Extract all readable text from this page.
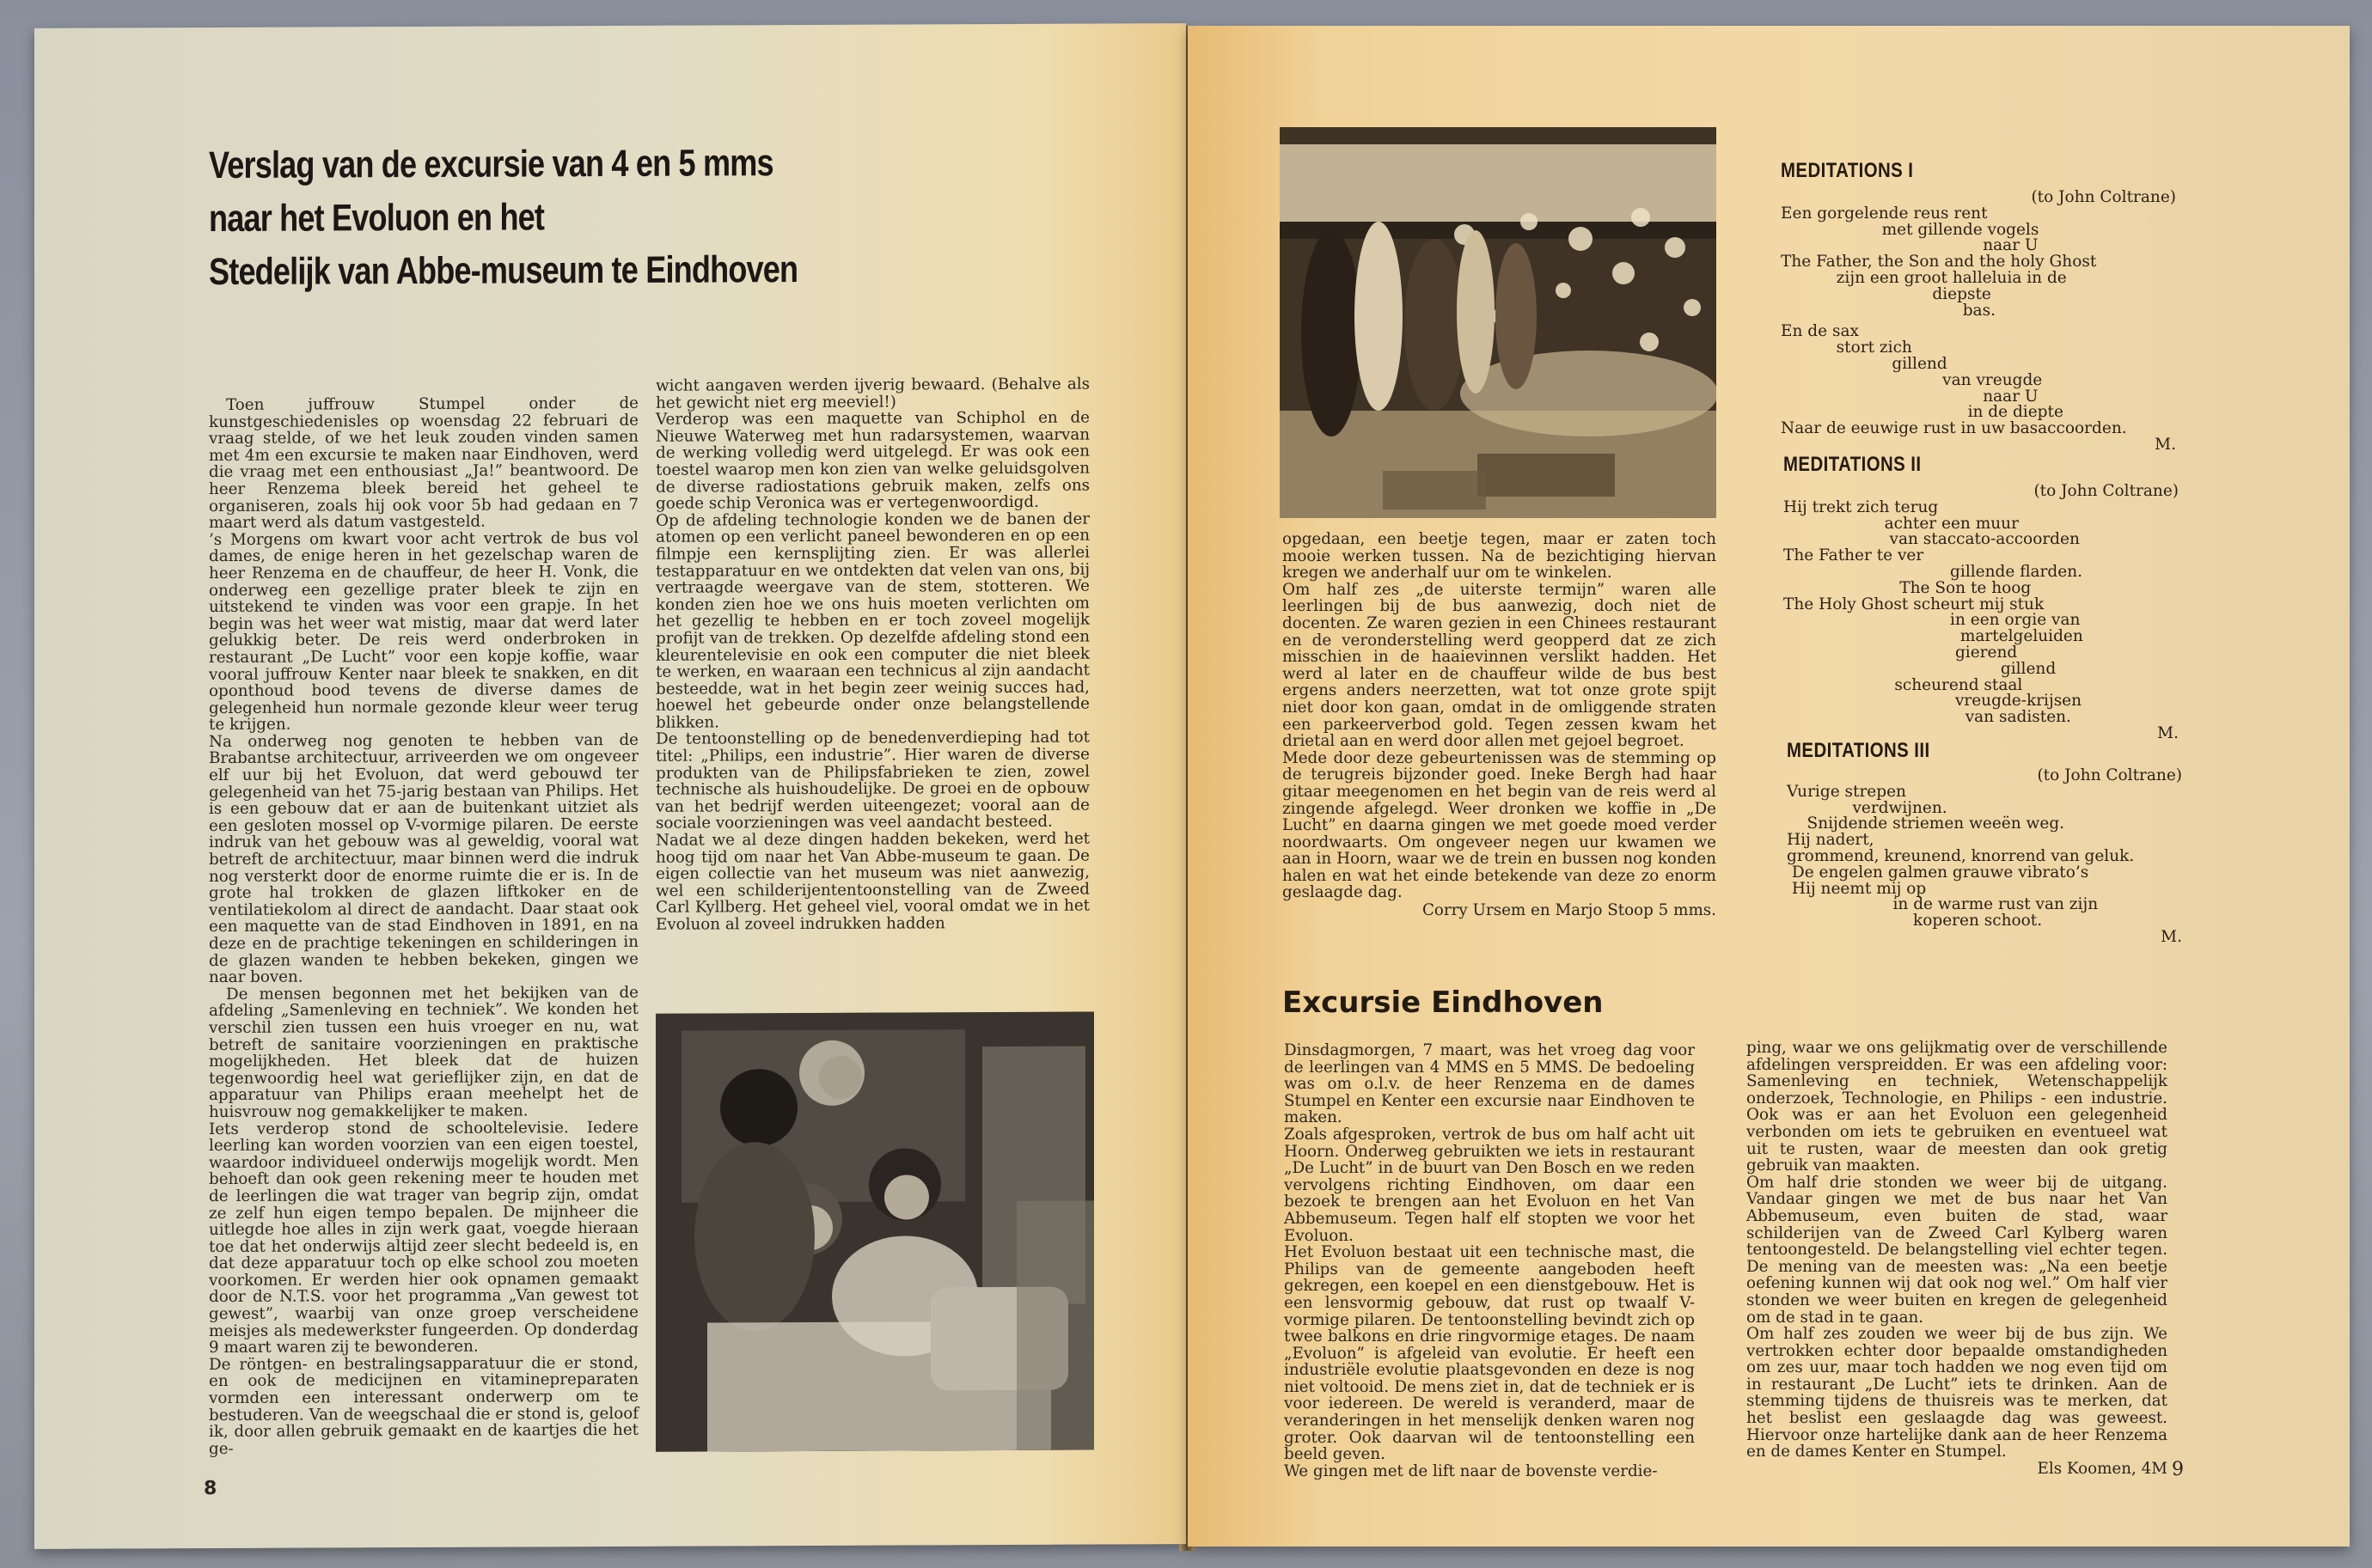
Verslag van de excursie van 4 en 5 mms
naar het Evoluon en het
Stedelijk van Abbe-museum te Eindhoven

Toen juffrouw Stumpel onder de kunstgeschiedenisles op woensdag 22 februari de vraag stelde, of we het leuk zouden vinden samen met 4m een excursie te maken naar Eindhoven, werd die vraag met een enthousiast „Ja!” beantwoord. De heer Renzema bleek bereid het geheel te organiseren, zoals hij ook voor 5b had gedaan en 7 maart werd als datum vastgesteld.

’s Morgens om kwart voor acht vertrok de bus vol dames, de enige heren in het gezelschap waren de heer Renzema en de chauffeur, de heer H. Vonk, die onderweg een gezellige prater bleek te zijn en uitstekend te vinden was voor een grapje. In het begin was het weer wat mistig, maar dat werd later gelukkig beter. De reis werd onderbroken in restaurant „De Lucht” voor een kopje koffie, waar vooral juffrouw Kenter naar bleek te snakken, en dit oponthoud bood tevens de diverse dames de gelegenheid hun normale gezonde kleur weer terug te krijgen.

Na onderweg nog genoten te hebben van de Brabantse architectuur, arriveerden we om ongeveer elf uur bij het Evoluon, dat werd gebouwd ter gelegenheid van het 75-jarig bestaan van Philips. Het is een gebouw dat er aan de buitenkant uitziet als een gesloten mossel op V-vormige pilaren. De eerste indruk van het gebouw was al geweldig, vooral wat betreft de architectuur, maar binnen werd die indruk nog versterkt door de enorme ruimte die er is. In de grote hal trokken de glazen liftkoker en de ventilatiekolom al direct de aandacht. Daar staat ook een maquette van de stad Eindhoven in 1891, en na deze en de prachtige tekeningen en schilderingen in de glazen wanden te hebben bekeken, gingen we naar boven.

De mensen begonnen met het bekijken van de afdeling „Samenleving en techniek”. We konden het verschil zien tussen een huis vroeger en nu, wat betreft de sanitaire voorzieningen en praktische mogelijkheden. Het bleek dat de huizen tegenwoordig heel wat gerieflijker zijn, en dat de apparatuur van Philips eraan meehelpt het de huisvrouw nog gemakkelijker te maken.

Iets verderop stond de schooltelevisie. Iedere leerling kan worden voorzien van een eigen toestel, waardoor individueel onderwijs mogelijk wordt. Men behoeft dan ook geen rekening meer te houden met de leerlingen die wat trager van begrip zijn, omdat ze zelf hun eigen tempo bepalen. De mijnheer die uitlegde hoe alles in zijn werk gaat, voegde hieraan toe dat het onderwijs altijd zeer slecht bedeeld is, en dat deze apparatuur toch op elke school zou moeten voorkomen. Er werden hier ook opnamen gemaakt door de N.T.S. voor het programma „Van gewest tot gewest”, waarbij van onze groep verscheidene meisjes als medewerkster fungeerden. Op donderdag 9 maart waren zij te bewonderen.

De röntgen- en bestralingsapparatuur die er stond, en ook de medicijnen en vitaminepreparaten vormden een interessant onderwerp om te bestuderen. Van de weegschaal die er stond is, geloof ik, door allen gebruik gemaakt en de kaartjes die het ge-

wicht aangaven werden ijverig bewaard. (Behalve als het gewicht niet erg meeviel!)

Verderop was een maquette van Schiphol en de Nieuwe Waterweg met hun radarsystemen, waarvan de werking volledig werd uitgelegd. Er was ook een toestel waarop men kon zien van welke geluidsgolven de diverse radiostations gebruik maken, zelfs ons goede schip Veronica was er vertegenwoordigd.

Op de afdeling technologie konden we de banen der atomen op een verlicht paneel bewonderen en op een filmpje een kernsplijting zien. Er was allerlei testapparatuur en we ontdekten dat velen van ons, bij vertraagde weergave van de stem, stotteren. We konden zien hoe we ons huis moeten verlichten om het gezellig te hebben en er toch zoveel mogelijk profijt van de trekken. Op dezelfde afdeling stond een kleurentelevisie en ook een computer die niet bleek te werken, en waaraan een technicus al zijn aandacht besteedde, wat in het begin zeer weinig succes had, hoewel het gebeurde onder onze belangstellende blikken.

De tentoonstelling op de benedenverdieping had tot titel: „Philips, een industrie”. Hier waren de diverse produkten van de Philipsfabrieken te zien, zowel technische als huishoudelijke. De groei en de opbouw van het bedrijf werden uiteengezet; vooral aan de sociale voorzieningen was veel aandacht besteed.

Nadat we al deze dingen hadden bekeken, werd het hoog tijd om naar het Van Abbe-museum te gaan. De eigen collectie van het museum was niet aanwezig, wel een schilderijententoonstelling van de Zweed Carl Kyllberg. Het geheel viel, vooral omdat we in het Evoluon al zoveel indrukken hadden

8

opgedaan, een beetje tegen, maar er zaten toch mooie werken tussen. Na de bezichtiging hiervan kregen we anderhalf uur om te winkelen.

Om half zes „de uiterste termijn” waren alle leerlingen bij de bus aanwezig, doch niet de docenten. Ze waren gezien in een Chinees restaurant en de veronderstelling werd geopperd dat ze zich misschien in de haaievinnen verslikt hadden. Het werd al later en de chauffeur wilde de bus best ergens anders neerzetten, wat tot onze grote spijt niet door kon gaan, omdat in de omliggende straten een parkeerverbod gold. Tegen zessen kwam het drietal aan en werd door allen met gejoel begroet.

Mede door deze gebeurtenissen was de stemming op de terugreis bijzonder goed. Ineke Bergh had haar gitaar meegenomen en het begin van de reis werd al zingende afgelegd. Weer dronken we koffie in „De Lucht” en daarna gingen we met goede moed verder noordwaarts. Om ongeveer negen uur kwamen we aan in Hoorn, waar we de trein en bussen nog konden halen en wat het einde betekende van deze zo enorm geslaagde dag.

Corry Ursem en Marjo Stoop 5 mms.

MEDITATIONS I
(to John Coltrane)
Een gorgelende reus rent
met gillende vogels
naar U
The Father, the Son and the holy Ghost
zijn een groot halleluia in de
diepste
bas.
En de sax
stort zich
gillend
van vreugde
naar U
in de diepte
Naar de eeuwige rust in uw basaccoorden.
M.
MEDITATIONS II
(to John Coltrane)
Hij trekt zich terug
achter een muur
van staccato-accoorden
The Father te ver
gillende flarden.
The Son te hoog
The Holy Ghost scheurt mij stuk
in een orgie van
martelgeluiden
gierend
gillend
scheurend staal
vreugde-krijsen
van sadisten.
M.
MEDITATIONS III
(to John Coltrane)
Vurige strepen
verdwijnen.
Snijdende striemen weeën weg.
Hij nadert,
grommend, kreunend, knorrend van geluk.
De engelen galmen grauwe vibrato’s
Hij neemt mij op
in de warme rust van zijn
koperen schoot.
M.
Excursie Eindhoven

Dinsdagmorgen, 7 maart, was het vroeg dag voor de leerlingen van 4 MMS en 5 MMS. De bedoeling was om o.l.v. de heer Renzema en de dames Stumpel en Kenter een excursie naar Eindhoven te maken.

Zoals afgesproken, vertrok de bus om half acht uit Hoorn. Onderweg gebruikten we iets in restaurant „De Lucht” in de buurt van Den Bosch en we reden vervolgens richting Eindhoven, om daar een bezoek te brengen aan het Evoluon en het Van Abbemuseum. Tegen half elf stopten we voor het Evoluon.

Het Evoluon bestaat uit een technische mast, die Philips van de gemeente aangeboden heeft gekregen, een koepel en een dienstgebouw. Het is een lensvormig gebouw, dat rust op twaalf V-vormige pilaren. De tentoonstelling bevindt zich op twee balkons en drie ringvormige etages. De naam „Evoluon” is afgeleid van evolutie. Er heeft een industriële evolutie plaatsgevonden en deze is nog niet voltooid. De mens ziet in, dat de techniek er is voor iedereen. De wereld is veranderd, maar de veranderingen in het menselijk denken waren nog groter. Ook daarvan wil de tentoonstelling een beeld geven.

We gingen met de lift naar de bovenste verdie-

ping, waar we ons gelijkmatig over de verschillende afdelingen verspreidden. Er was een afdeling voor: Samenleving en techniek, Wetenschappelijk onderzoek, Technologie, en Philips - een industrie. Ook was er aan het Evoluon een gelegenheid verbonden om iets te gebruiken en eventueel wat uit te rusten, waar de meesten dan ook gretig gebruik van maakten.

Om half drie stonden we weer bij de uitgang. Vandaar gingen we met de bus naar het Van Abbemuseum, even buiten de stad, waar schilderijen van de Zweed Carl Kylberg waren tentoongesteld. De belangstelling viel echter tegen. De mening van de meesten was: „Na een beetje oefening kunnen wij dat ook nog wel.” Om half vier stonden we weer buiten en kregen de gelegenheid om de stad in te gaan.

Om half zes zouden we weer bij de bus zijn. We vertrokken echter door bepaalde omstandigheden om zes uur, maar toch hadden we nog even tijd om in restaurant „De Lucht” iets te drinken. Aan de stemming tijdens de thuisreis was te merken, dat het beslist een geslaagde dag was geweest. Hiervoor onze hartelijke dank aan de heer Renzema en de dames Kenter en Stumpel.

Els Koomen, 4M 9
